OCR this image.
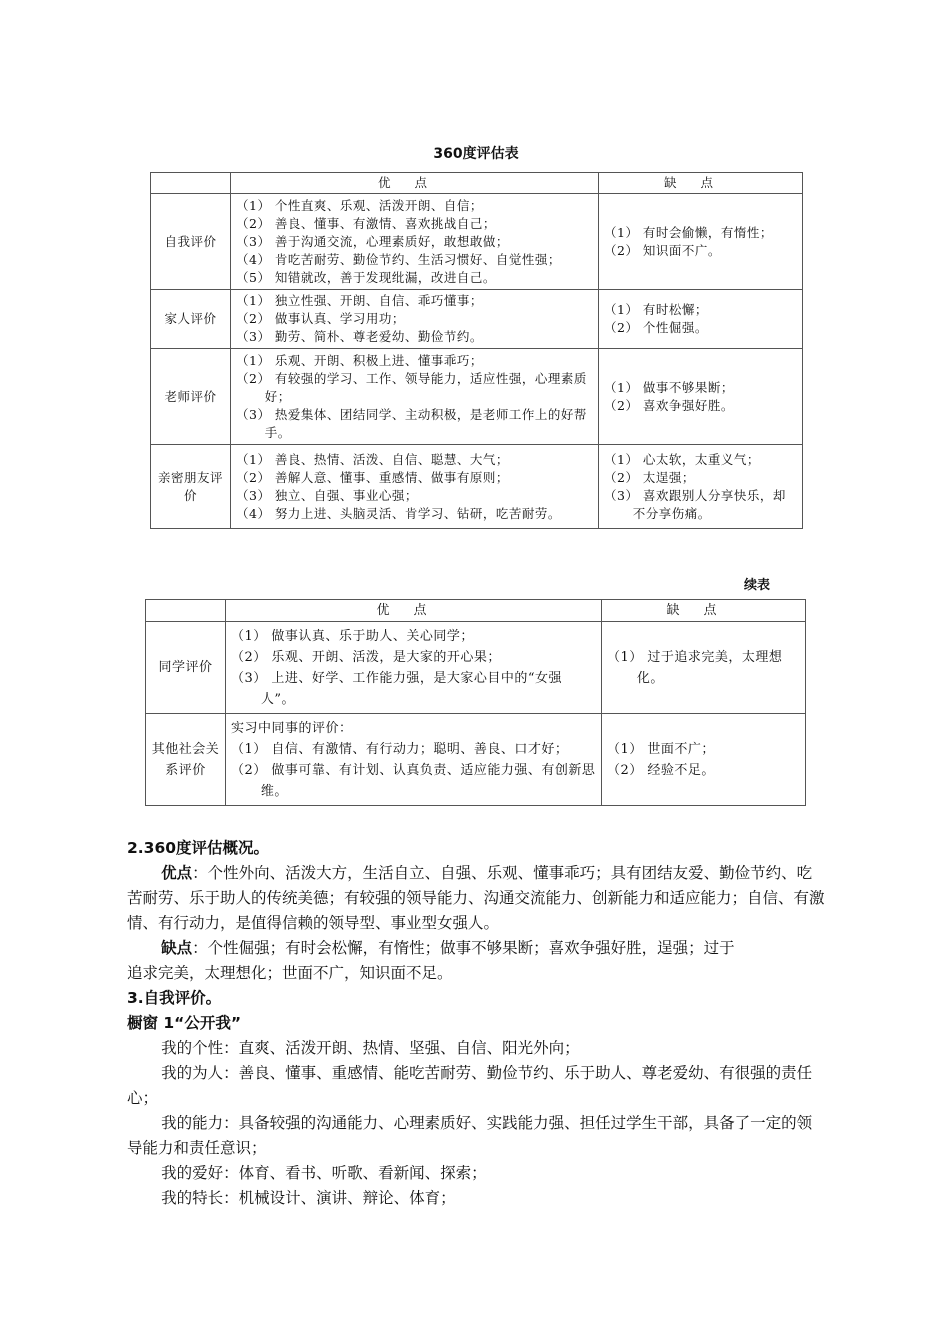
360度评估表
	优点	缺点
自我评价	（1） 个性直爽、乐观、活泼开朗、自信；
（2） 善良、懂事、有激情、喜欢挑战自己；
（3） 善于沟通交流，心理素质好，敢想敢做；
（4） 肯吃苦耐劳、勤俭节约、生活习惯好、自觉性强；
（5） 知错就改，善于发现纰漏，改进自己。	（1） 有时会偷懒，有惰性；
（2） 知识面不广。

家人评价	（1） 独立性强、开朗、自信、乖巧懂事；
（2） 做事认真、学习用功；
（3） 勤劳、简朴、尊老爱幼、勤俭节约。	（1） 有时松懈；
（2） 个性倔强。

老师评价	（1） 乐观、开朗、积极上进、懂事乖巧；
（2） 有较强的学习、工作、领导能力，适应性强，心理素质好；
（3） 热爱集体、团结同学、主动积极，是老师工作上的好帮手。	（1） 做事不够果断；
（2） 喜欢争强好胜。

亲密朋友评价	（1） 善良、热情、活泼、自信、聪慧、大气；
（2） 善解人意、懂事、重感情、做事有原则；
（3） 独立、自强、事业心强；
（4） 努力上进、头脑灵活、肯学习、钻研，吃苦耐劳。	（1） 心太软，太重义气；
（2） 太逞强；
（3） 喜欢跟别人分享快乐，却不分享伤痛。
续表
	优点	缺点
同学评价	（1） 做事认真、乐于助人、关心同学；
（2） 乐观、开朗、活泼，是大家的开心果；
（3） 上进、好学、工作能力强，是大家心目中的“女强人”。	（1） 过于追求完美，太理想化。

其他社会关系评价	实习中同事的评价：
（1） 自信、有激情、有行动力；聪明、善良、口才好；
（2） 做事可靠、有计划、认真负责、适应能力强、有创新思维。	（1） 世面不广；
（2） 经验不足。
2.360度评估概况。
优点：个性外向、活泼大方，生活自立、自强、乐观、懂事乖巧；具有团结友爱、勤俭节约、吃苦耐劳、乐于助人的传统美德；有较强的领导能力、沟通交流能力、创新能力和适应能力；自信、有激情、有行动力，是值得信赖的领导型、事业型女强人。
缺点：个性倔强；有时会松懈，有惰性；做事不够果断；喜欢争强好胜，逞强；过于
追求完美，太理想化；世面不广，知识面不足。
3.自我评价。
橱窗 1“公开我”
我的个性：直爽、活泼开朗、热情、坚强、自信、阳光外向；
我的为人：善良、懂事、重感情、能吃苦耐劳、勤俭节约、乐于助人、尊老爱幼、有很强的责任心；
我的能力：具备较强的沟通能力、心理素质好、实践能力强、担任过学生干部，具备了一定的领导能力和责任意识；
我的爱好：体育、看书、听歌、看新闻、探索；
我的特长：机械设计、演讲、辩论、体育；
